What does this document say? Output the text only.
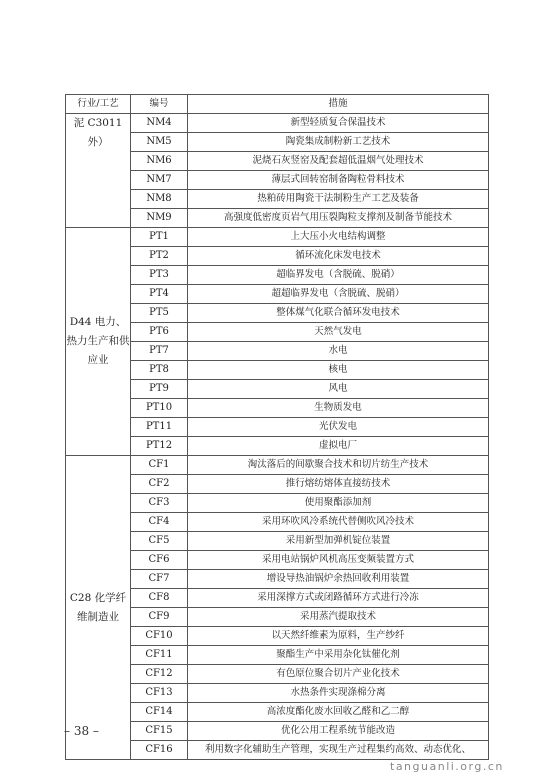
行业/工艺	编号	措施
泥 C3011 外）	NM4	新型轻质复合保温技术
	NM5	陶瓷集成制粉新工艺技术
	NM6	泥烧石灰竖窑及配套超低温烟气处理技术
	NM7	薄层式回转窑制备陶粒骨料技术
	NM8	热粕砖用陶瓷干法制粉生产工艺及装备
	NM9	高强度低密度页岩气用压裂陶粒支撑剂及制备节能技术
D44 电力、热力生产和供应业	PT1	上大压小火电结构调整
	PT2	循环流化床发电技术
	PT3	超临界发电（含脱硫、脱硝）
	PT4	超超临界发电（含脱硫、脱硝）
	PT5	整体煤气化联合循环发电技术
	PT6	天然气发电
	PT7	水电
	PT8	核电
	PT9	风电
	PT10	生物质发电
	PT11	光伏发电
	PT12	虚拟电厂
C28 化学纤维制造业	CF1	淘汰落后的间歇聚合技术和切片纺生产技术
	CF2	推行熔纺熔体直接纺技术
	CF3	使用聚酯添加剂
	CF4	采用环吹风冷系统代替侧吹风冷技术
	CF5	采用新型加弹机锭位装置
	CF6	采用电站锅炉风机高压变频装置方式
	CF7	增设导热油锅炉余热回收利用装置
	CF8	采用深撑方式或闭路循环方式进行冷冻
	CF9	采用蒸汽提取技术
	CF10	以天然纤维素为原料，生产纱纤
	CF11	聚酯生产中采用杂化钛催化剂
	CF12	有色原位聚合切片产业化技术
	CF13	水热条件实现涤棉分离
	CF14	高浓度酯化废水回收乙醛和乙二醇
	CF15	优化公用工程系统节能改造
	CF16	利用数字化辅助生产管理，实现生产过程集约高效、动态优化、
– 38 –
tanguanli.org.cn
